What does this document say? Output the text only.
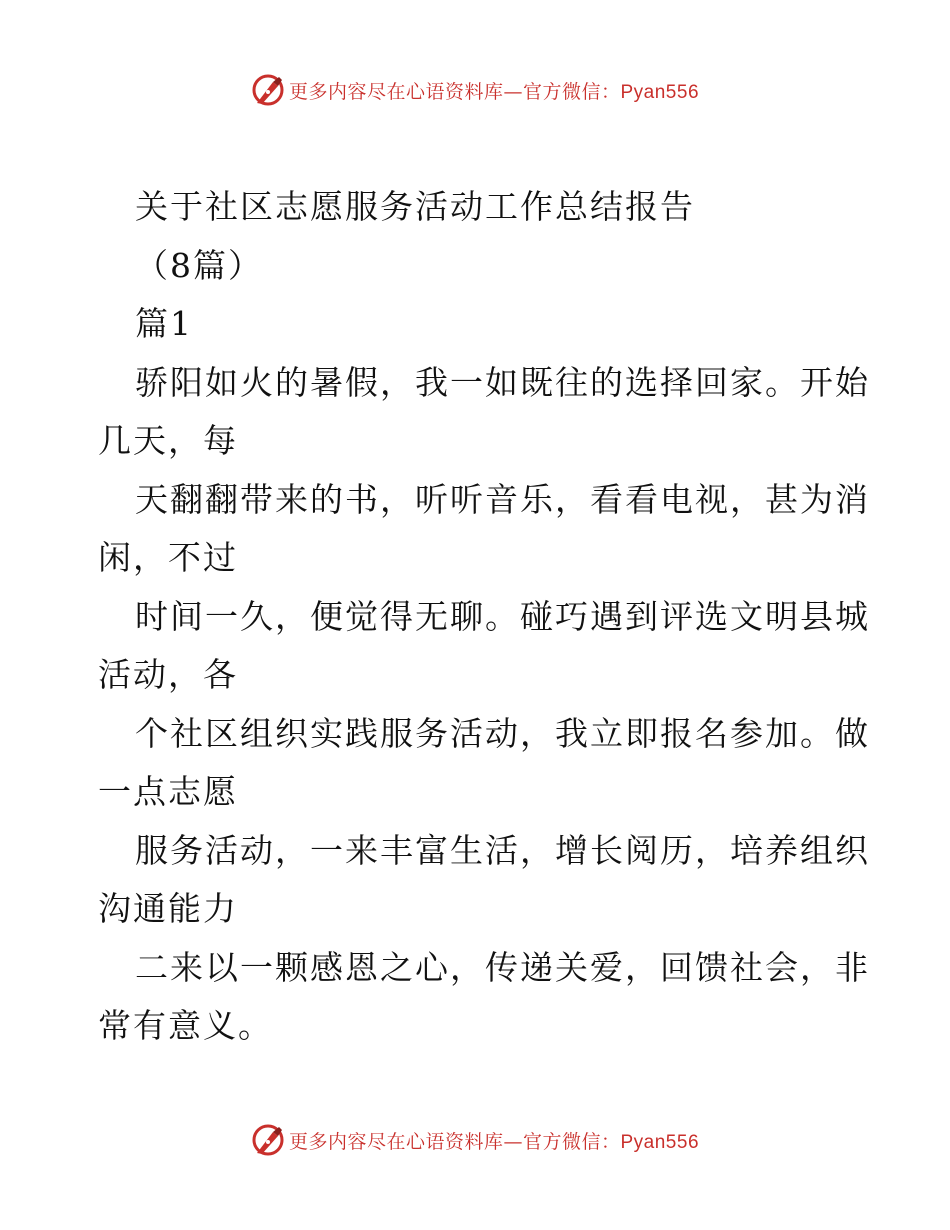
更多内容尽在心语资料库—官方微信：Pyan556
关于社区志愿服务活动工作总结报告
（8篇）
篇1
骄阳如火的暑假，我一如既往的选择回家。开始
几天，每
天翻翻带来的书，听听音乐，看看电视，甚为消
闲，不过
时间一久，便觉得无聊。碰巧遇到评选文明县城
活动，各
个社区组织实践服务活动，我立即报名参加。做
一点志愿
服务活动，一来丰富生活，增长阅历，培养组织
沟通能力
二来以一颗感恩之心，传递关爱，回馈社会，非
常有意义。
更多内容尽在心语资料库—官方微信：Pyan556
